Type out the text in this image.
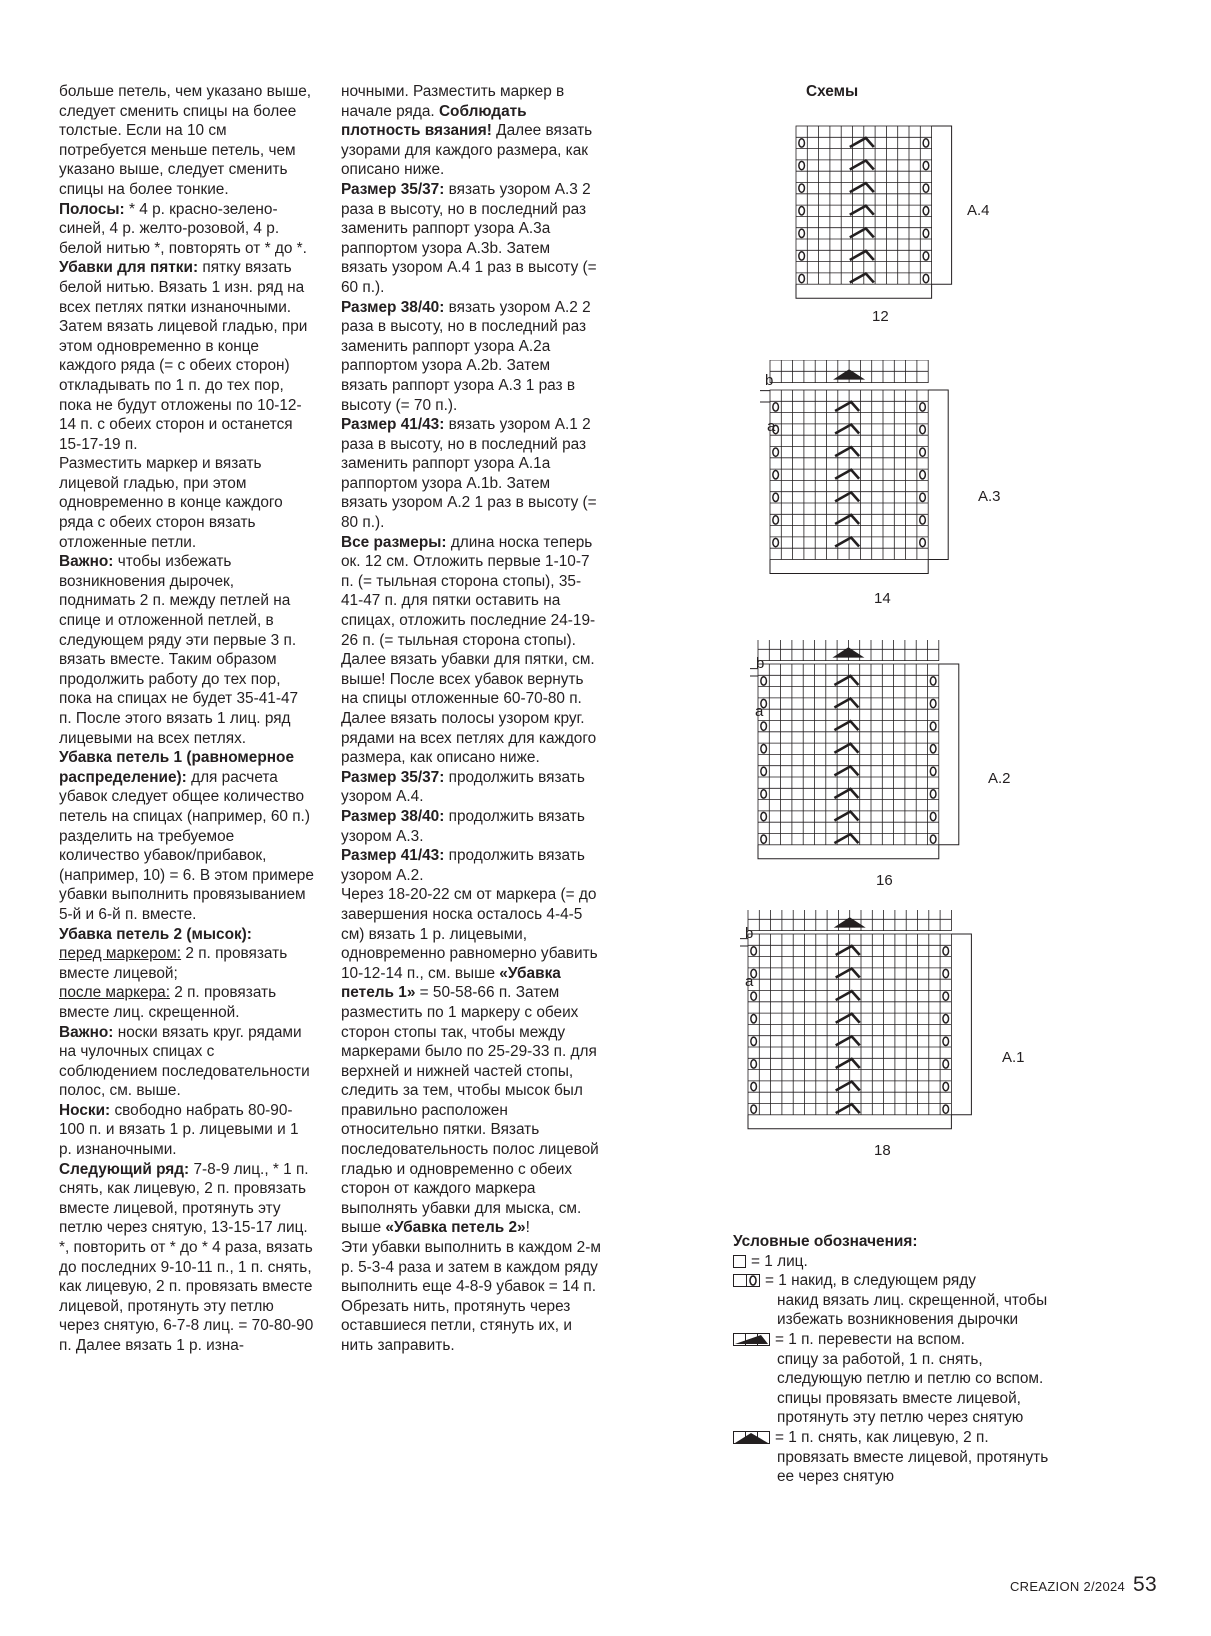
больше петель, чем указано выше, следует сменить спицы на более толстые. Если на 10 см потребуется меньше петель, чем указано выше, следует сменить спицы на более тонкие.

Полосы: * 4 р. красно-зелено-синей, 4 р. желто-розовой, 4 р. белой нитью *, повторять от * до *.

Убавки для пятки: пятку вязать белой нитью. Вязать 1 изн. ряд на всех петлях пятки изнаночными.

Затем вязать лицевой гладью, при этом одновременно в конце каждого ряда (= с обеих сторон) откладывать по 1 п. до тех пор, пока не будут отложены по 10-12-14 п. с обеих сторон и останется 15-17-19 п.

Разместить маркер и вязать лицевой гладью, при этом одновременно в конце каждого ряда с обеих сторон вязать отложенные петли.

Важно: чтобы избежать возникновения дырочек, поднимать 2 п. между петлей на спице и отложенной петлей, в следующем ряду эти первые 3 п. вязать вместе. Таким образом продолжить работу до тех пор, пока на спицах не будет 35-41-47 п. После этого вязать 1 лиц. ряд лицевыми на всех петлях.

Убавка петель 1 (равномерное распределение): для расчета убавок следует общее количество петель на спицах (например, 60 п.) разделить на требуемое количество убавок/прибавок, (например, 10) = 6. В этом примере убавки выполнить провязыванием 5-й и 6-й п. вместе.

Убавка петель 2 (мысок):

перед маркером: 2 п. провязать вместе лицевой;

после маркера: 2 п. провязать вместе лиц. скрещенной.

Важно: носки вязать круг. рядами на чулочных спицах с соблюдением последовательности полос, см. выше.

Носки: свободно набрать 80-90-100 п. и вязать 1 р. лицевыми и 1 р. изнаночными.

Следующий ряд: 7-8-9 лиц., * 1 п. снять, как лицевую, 2 п. провязать вместе лицевой, протянуть эту петлю через снятую, 13-15-17 лиц. *, повторить от * до * 4 раза, вязать до последних 9-10-11 п., 1 п. снять, как лицевую, 2 п. провязать вместе лицевой, протянуть эту петлю через снятую, 6-7-8 лиц. = 70-80-90 п. Далее вязать 1 р. изна-

ночными. Разместить маркер в начале ряда. Соблюдать плотность вязания! Далее вязать узорами для каждого размера, как описано ниже.

Размер 35/37: вязать узором А.3 2 раза в высоту, но в последний раз заменить раппорт узора А.3a раппортом узора А.3b. Затем вязать узором А.4 1 раз в высоту (= 60 п.).

Размер 38/40: вязать узором А.2 2 раза в высоту, но в последний раз заменить раппорт узора А.2a раппортом узора А.2b. Затем вязать раппорт узора А.3 1 раз в высоту (= 70 п.).

Размер 41/43: вязать узором А.1 2 раза в высоту, но в последний раз заменить раппорт узора А.1a раппортом узора А.1b. Затем вязать узором А.2 1 раз в высоту (= 80 п.).

Все размеры: длина носка теперь ок. 12 см. Отложить первые 1-10-7 п. (= тыльная сторона стопы), 35-41-47 п. для пятки оставить на спицах, отложить последние 24-19-26 п. (= тыльная сторона стопы). Далее вязать убавки для пятки, см. выше! После всех убавок вернуть на спицы отложенные 60-70-80 п. Далее вязать полосы узором круг. рядами на всех петлях для каждого размера, как описано ниже.

Размер 35/37: продолжить вязать узором А.4.

Размер 38/40: продолжить вязать узором А.3.

Размер 41/43: продолжить вязать узором А.2.

Через 18-20-22 см от маркера (= до завершения носка осталось 4-4-5 см) вязать 1 р. лицевыми, одновременно равномерно убавить 10-12-14 п., см. выше «Убавка петель 1» = 50-58-66 п. Затем разместить по 1 маркеру с обеих сторон стопы так, чтобы между маркерами было по 25-29-33 п. для верхней и нижней частей стопы, следить за тем, чтобы мысок был правильно расположен относительно пятки. Вязать последовательность полос лицевой гладью и одновременно с обеих сторон от каждого маркера выполнять убавки для мыска, см. выше «Убавка петель 2»!

Эти убавки выполнить в каждом 2-м р. 5-3-4 раза и затем в каждом ряду выполнить еще 4-8-9 убавок = 14 п. Обрезать нить, протянуть через оставшиеся петли, стянуть их, и нить заправить.

Схемы
А.4
12
b
a
А.3
14
b
a
А.2
16
b
a
А.1
18
Условные обозначения:
= 1 лиц.
= 1 накид, в следующем ряду
накид вязать лиц. скрещенной, чтобы избежать возникновения дырочки
= 1 п. перевести на вспом.
спицу за работой, 1 п. снять, следующую петлю и петлю со вспом. спицы провязать вместе лицевой, протянуть эту петлю через снятую
= 1 п. снять, как лицевую, 2 п.
провязать вместе лицевой, протянуть ее через снятую
CREAZION 2/2024 53
